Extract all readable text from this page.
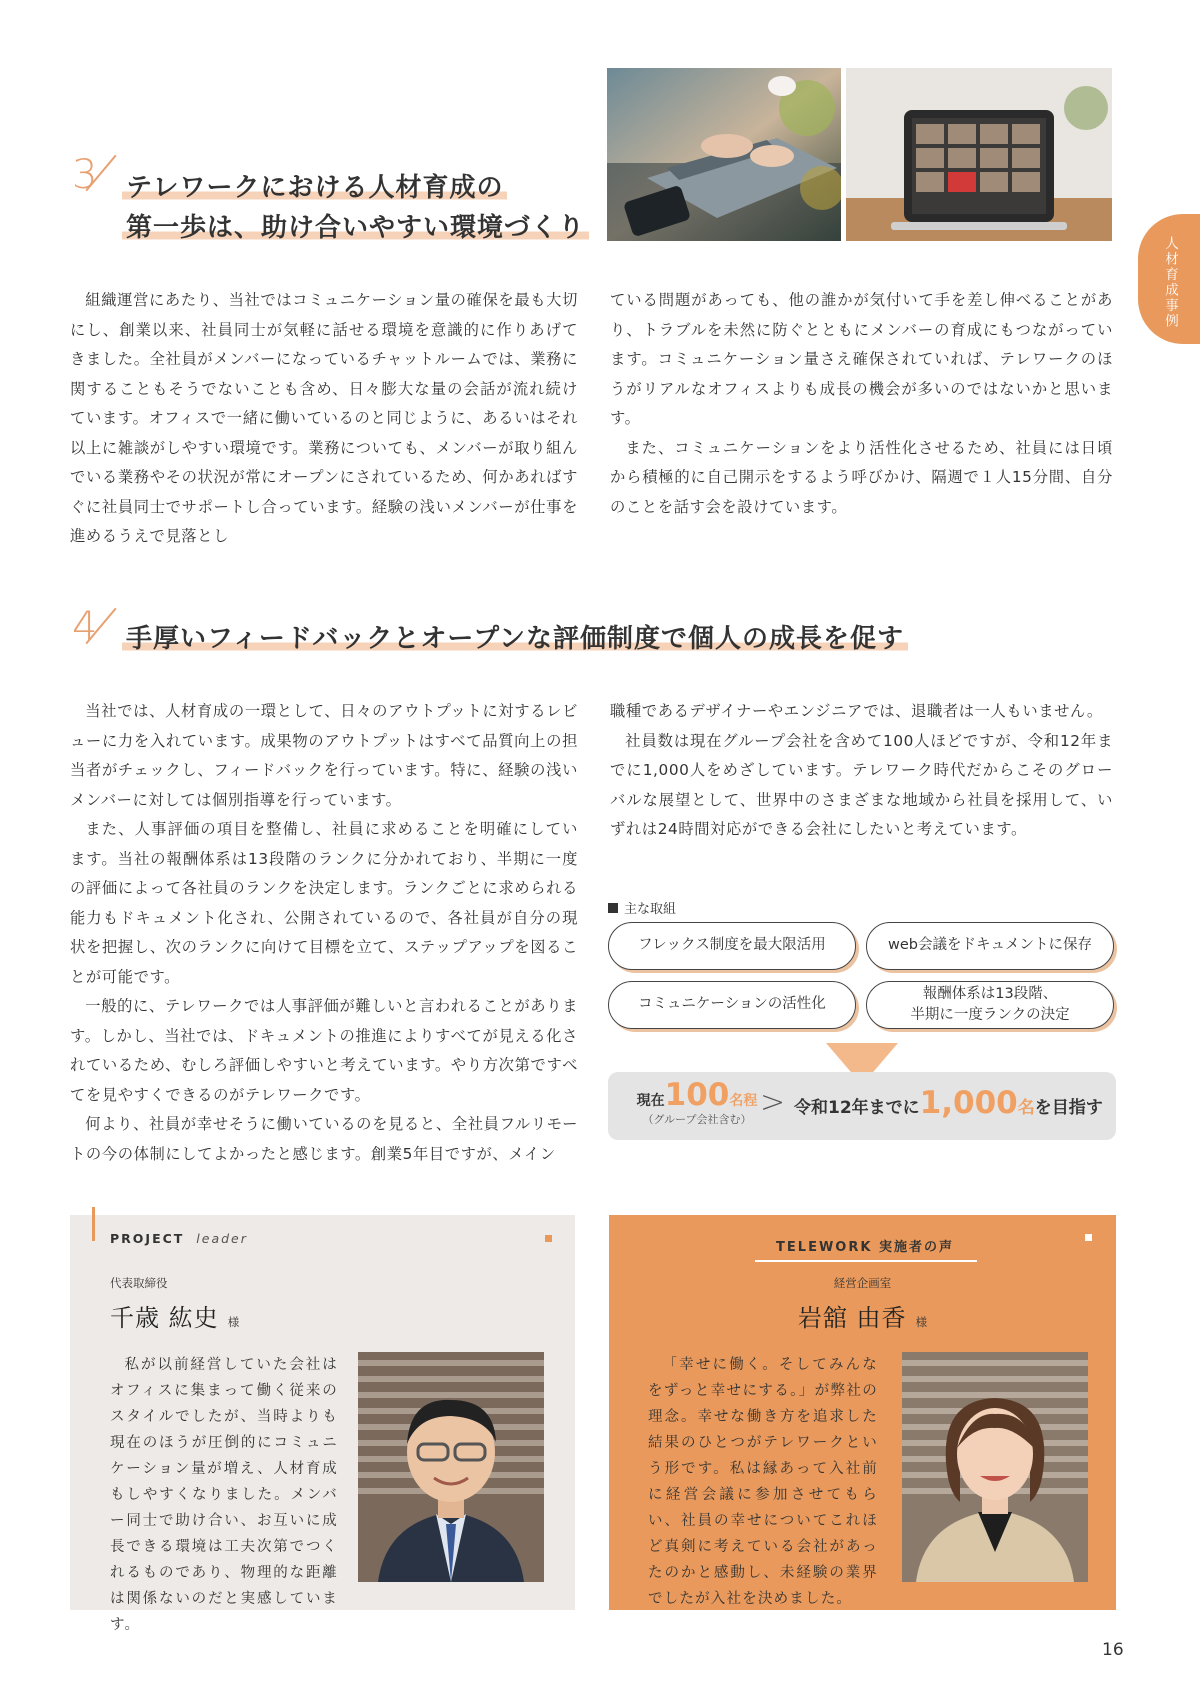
人材育成事例
3 テレワークにおける人材育成の
第一歩は、助け合いやすい環境づくり

組織運営にあたり、当社ではコミュニケーション量の確保を最も大切にし、創業以来、社員同士が気軽に話せる環境を意識的に作りあげてきました。全社員がメンバーになっているチャットルームでは、業務に関することもそうでないことも含め、日々膨大な量の会話が流れ続けています。オフィスで一緒に働いているのと同じように、あるいはそれ以上に雑談がしやすい環境です。業務についても、メンバーが取り組んでいる業務やその状況が常にオープンにされているため、何かあればすぐに社員同士でサポートし合っています。経験の浅いメンバーが仕事を進めるうえで見落とし

ている問題があっても、他の誰かが気付いて手を差し伸べることがあり、トラブルを未然に防ぐとともにメンバーの育成にもつながっています。コミュニケーション量さえ確保されていれば、テレワークのほうがリアルなオフィスよりも成長の機会が多いのではないかと思います。

また、コミュニケーションをより活性化させるため、社員には日頃から積極的に自己開示をするよう呼びかけ、隔週で１人15分間、自分のことを話す会を設けています。

4 手厚いフィードバックとオープンな評価制度で個人の成長を促す

当社では、人材育成の一環として、日々のアウトプットに対するレビューに力を入れています。成果物のアウトプットはすべて品質向上の担当者がチェックし、フィードバックを行っています。特に、経験の浅いメンバーに対しては個別指導を行っています。

また、人事評価の項目を整備し、社員に求めることを明確にしています。当社の報酬体系は13段階のランクに分かれており、半期に一度の評価によって各社員のランクを決定します。ランクごとに求められる能力もドキュメント化され、公開されているので、各社員が自分の現状を把握し、次のランクに向けて目標を立て、ステップアップを図ることが可能です。

一般的に、テレワークでは人事評価が難しいと言われることがあります。しかし、当社では、ドキュメントの推進によりすべてが見える化されているため、むしろ評価しやすいと考えています。やり方次第ですべてを見やすくできるのがテレワークです。

何より、社員が幸せそうに働いているのを見ると、全社員フルリモートの今の体制にしてよかったと感じます。創業5年目ですが、メイン

職種であるデザイナーやエンジニアでは、退職者は一人もいません。

社員数は現在グループ会社を含めて100人ほどですが、令和12年までに1,000人をめざしています。テレワーク時代だからこそのグローバルな展望として、世界中のさまざまな地域から社員を採用して、いずれは24時間対応ができる会社にしたいと考えています。

主な取組
フレックス制度を最大限活用	web会議をドキュメントに保存
コミュニケーションの活性化
報酬体系は13段階、
半期に一度ランクの決定
現在100名程
（グループ会社含む） > 令和12年までに1,000名を目指す
PROJECT leader
代表取締役
千歳 紘史 様

私が以前経営していた会社はオフィスに集まって働く従来のスタイルでしたが、当時よりも現在のほうが圧倒的にコミュニケーション量が増え、人材育成もしやすくなりました。メンバー同士で助け合い、お互いに成長できる環境は工夫次第でつくれるものであり、物理的な距離は関係ないのだと実感しています。

TELEWORK 実施者の声
経営企画室
岩舘 由香 様

「幸せに働く。そしてみんなをずっと幸せにする。」が弊社の理念。幸せな働き方を追求した結果のひとつがテレワークという形です。私は縁あって入社前に経営会議に参加させてもらい、社員の幸せについてこれほど真剣に考えている会社があったのかと感動し、未経験の業界でしたが入社を決めました。

16
